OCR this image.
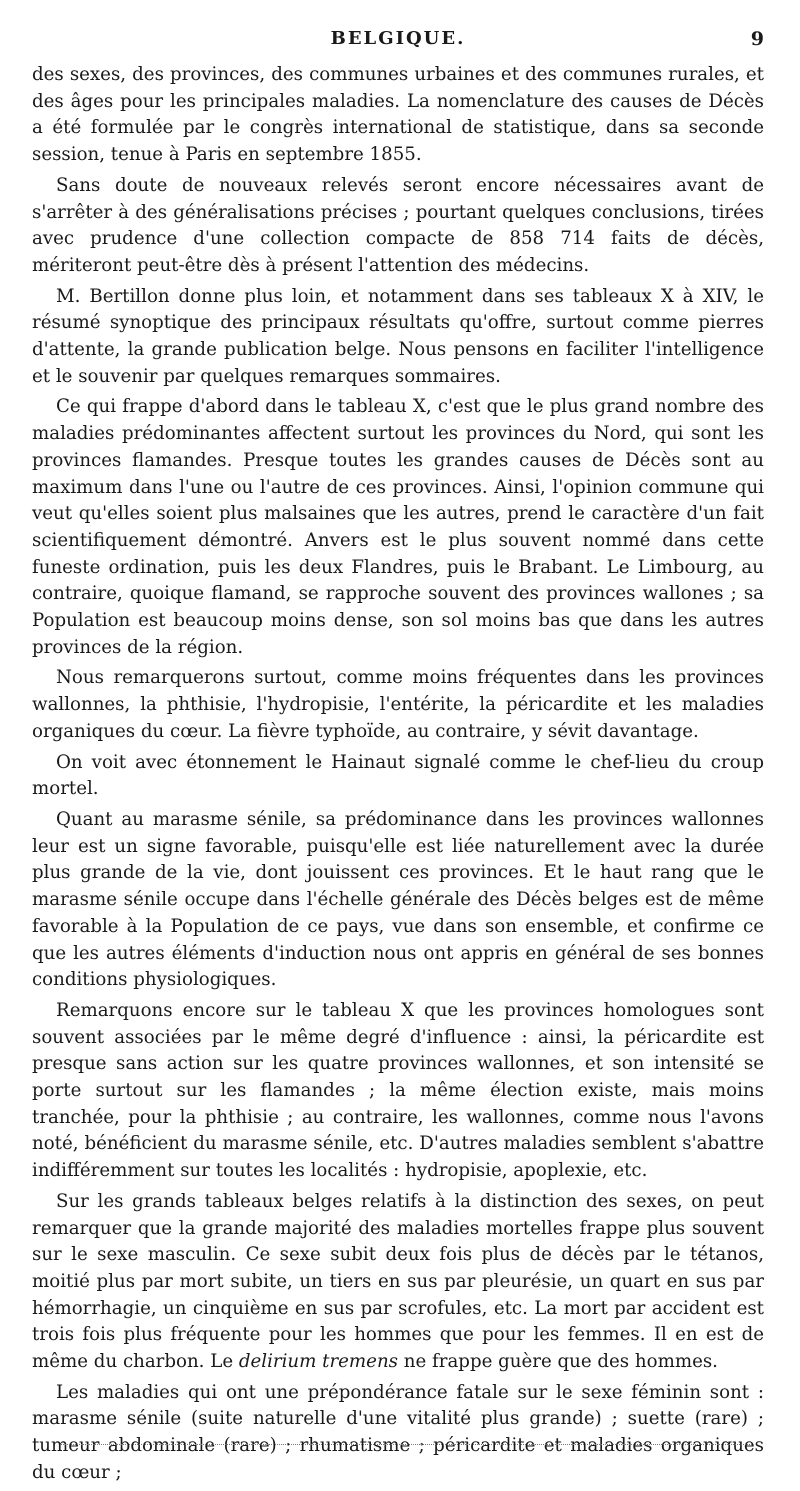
BELGIQUE.	9

des sexes, des provinces, des communes urbaines et des communes rurales, et des âges pour les principales maladies. La nomenclature des causes de Décès a été formulée par le congrès international de statistique, dans sa seconde session, tenue à Paris en septembre 1855.

Sans doute de nouveaux relevés seront encore nécessaires avant de s'arrêter à des généralisations précises ; pourtant quelques conclusions, tirées avec prudence d'une collection compacte de 858 714 faits de décès, mériteront peut-être dès à présent l'attention des médecins.

M. Bertillon donne plus loin, et notamment dans ses tableaux X à XIV, le résumé synoptique des principaux résultats qu'offre, surtout comme pierres d'attente, la grande publication belge. Nous pensons en faciliter l'intelligence et le souvenir par quelques remarques sommaires.

Ce qui frappe d'abord dans le tableau X, c'est que le plus grand nombre des maladies prédominantes affectent surtout les provinces du Nord, qui sont les provinces flamandes. Presque toutes les grandes causes de Décès sont au maximum dans l'une ou l'autre de ces provinces. Ainsi, l'opinion commune qui veut qu'elles soient plus malsaines que les autres, prend le caractère d'un fait scientifiquement démontré. Anvers est le plus souvent nommé dans cette funeste ordination, puis les deux Flandres, puis le Brabant. Le Limbourg, au contraire, quoique flamand, se rapproche souvent des provinces wallones ; sa Population est beaucoup moins dense, son sol moins bas que dans les autres provinces de la région.

Nous remarquerons surtout, comme moins fréquentes dans les provinces wallonnes, la phthisie, l'hydropisie, l'entérite, la péricardite et les maladies organiques du cœur. La fièvre typhoïde, au contraire, y sévit davantage.

On voit avec étonnement le Hainaut signalé comme le chef-lieu du croup mortel.

Quant au marasme sénile, sa prédominance dans les provinces wallonnes leur est un signe favorable, puisqu'elle est liée naturellement avec la durée plus grande de la vie, dont jouissent ces provinces. Et le haut rang que le marasme sénile occupe dans l'échelle générale des Décès belges est de même favorable à la Population de ce pays, vue dans son ensemble, et confirme ce que les autres éléments d'induction nous ont appris en général de ses bonnes conditions physiologiques.

Remarquons encore sur le tableau X que les provinces homologues sont souvent associées par le même degré d'influence : ainsi, la péricardite est presque sans action sur les quatre provinces wallonnes, et son intensité se porte surtout sur les flamandes ; la même élection existe, mais moins tranchée, pour la phthisie ; au contraire, les wallonnes, comme nous l'avons noté, bénéficient du marasme sénile, etc. D'autres maladies semblent s'abattre indifféremment sur toutes les localités : hydropisie, apoplexie, etc.

Sur les grands tableaux belges relatifs à la distinction des sexes, on peut remarquer que la grande majorité des maladies mortelles frappe plus souvent sur le sexe masculin. Ce sexe subit deux fois plus de décès par le tétanos, moitié plus par mort subite, un tiers en sus par pleurésie, un quart en sus par hémorrhagie, un cinquième en sus par scrofules, etc. La mort par accident est trois fois plus fréquente pour les hommes que pour les femmes. Il en est de même du charbon. Le delirium tremens ne frappe guère que des hommes.

Les maladies qui ont une prépondérance fatale sur le sexe féminin sont : marasme sénile (suite naturelle d'une vitalité plus grande) ; suette (rare) ; tumeur abdominale (rare) ; rhumatisme ; péricardite et maladies organiques du cœur ;
